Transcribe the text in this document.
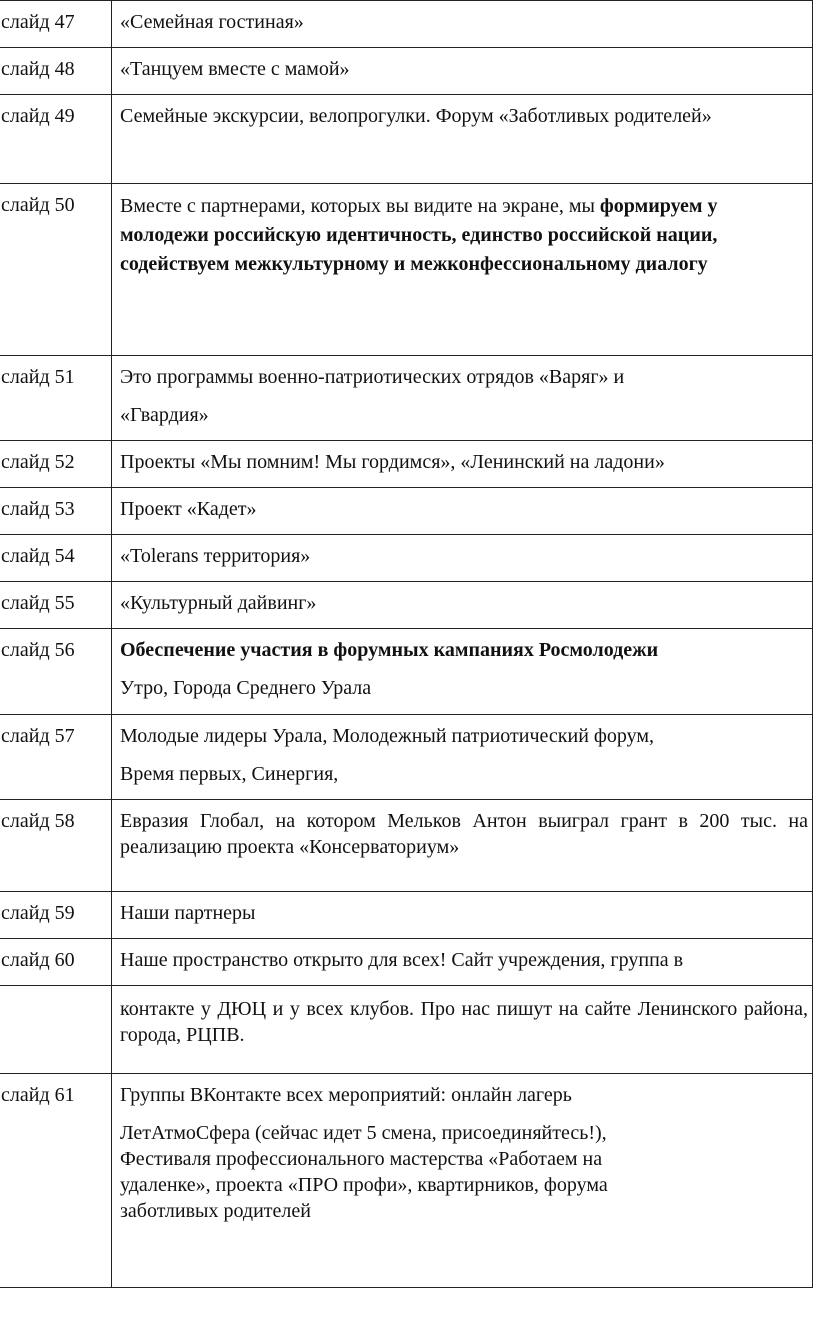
слайд 47	«Семейная гостиная»

слайд 48	«Танцуем вместе с мамой»

слайд 49	Семейные экскурсии, велопрогулки. Форум «Заботливых родителей»
слайд 50	Вместе с партнерами, которых вы видите на экране, мы формируем у молодежи российскую идентичность, единство российской нации, содействуем межкультурному и межконфессиональному диалогу
слайд 51	Это программы военно-патриотических отрядов «Варяг» и
«Гвардия»

слайд 52	Проекты «Мы помним! Мы гордимся», «Ленинский на ладони»

слайд 53	Проект «Кадет»

слайд 54	«Tolerans территория»

слайд 55	«Культурный дайвинг»

слайд 56	Обеспечение участия в форумных кампаниях Росмолодежи
Утро, Города Среднего Урала

слайд 57	Молодые лидеры Урала, Молодежный патриотический форум,
Время первых, Синергия,

слайд 58	Евразия Глобал, на котором Мельков Антон выиграл грант в 200 тыс. на реализацию проекта «Консерваториум»
слайд 59	Наши партнеры

слайд 60	Наше пространство открыто для всех! Сайт учреждения, группа в

	контакте у ДЮЦ и у всех клубов. Про нас пишут на сайте Ленинского района, города, РЦПВ.
слайд 61	Группы ВКонтакте всех мероприятий: онлайн лагерь
ЛетАтмоСфера (сейчас идет 5 смена, присоединяйтесь!),
Фестиваля профессионального мастерства «Работаем на
удаленке», проекта «ПРО профи», квартирников, форума
заботливых родителей
